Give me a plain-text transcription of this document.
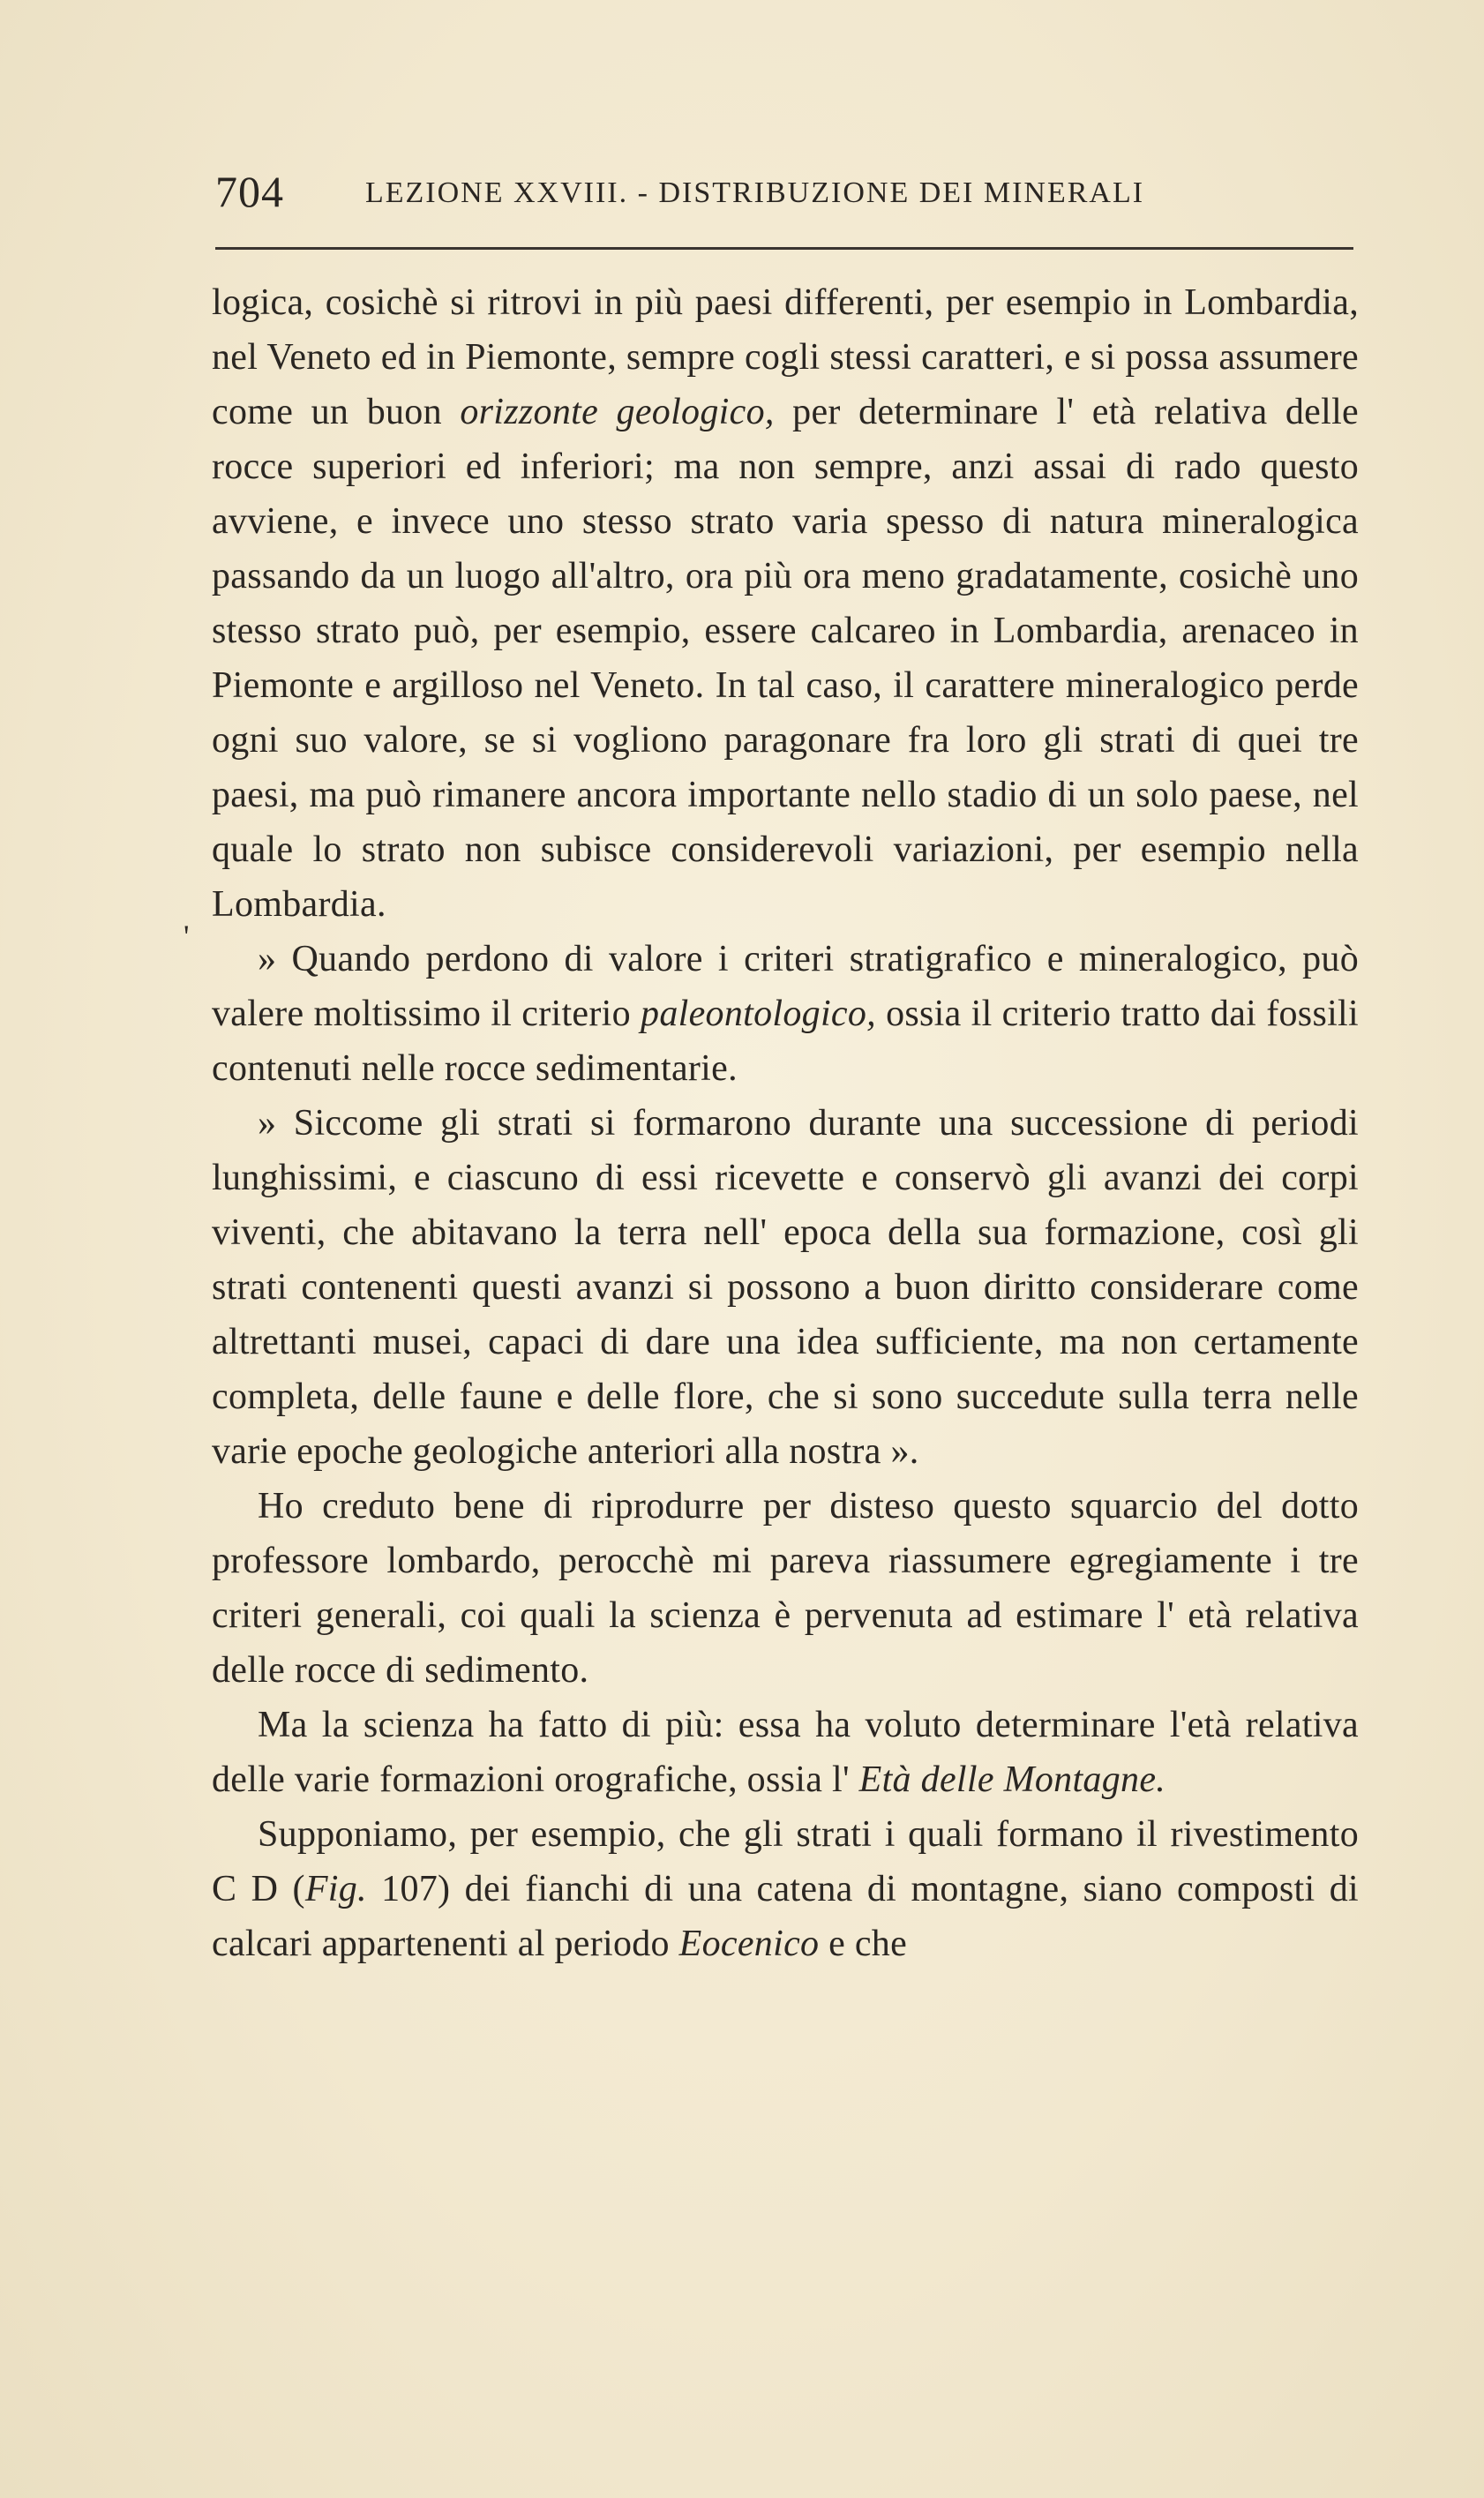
704	LEZIONE XXVIII. - DISTRIBUZIONE DEI MINERALI
'

logica, cosichè si ritrovi in più paesi differenti, per esempio in Lombardia, nel Veneto ed in Piemonte, sempre cogli stessi caratteri, e si possa assumere come un buon orizzonte geologico, per determinare l' età relativa delle rocce superiori ed inferiori; ma non sempre, anzi assai di rado questo avviene, e invece uno stesso strato varia spesso di natura mineralogica passando da un luogo all'altro, ora più ora meno gradatamente, cosichè uno stesso strato può, per esempio, essere calcareo in Lombardia, arenaceo in Piemonte e argilloso nel Veneto. In tal caso, il carattere mineralogico perde ogni suo valore, se si vogliono paragonare fra loro gli strati di quei tre paesi, ma può rimanere ancora importante nello stadio di un solo paese, nel quale lo strato non subisce considerevoli variazioni, per esempio nella Lombardia.

» Quando perdono di valore i criteri stratigrafico e mineralogico, può valere moltissimo il criterio paleontologico, ossia il criterio tratto dai fossili contenuti nelle rocce sedimentarie.

» Siccome gli strati si formarono durante una successione di periodi lunghissimi, e ciascuno di essi ricevette e conservò gli avanzi dei corpi viventi, che abitavano la terra nell' epoca della sua formazione, così gli strati contenenti questi avanzi si possono a buon diritto considerare come altrettanti musei, capaci di dare una idea sufficiente, ma non certamente completa, delle faune e delle flore, che si sono succedute sulla terra nelle varie epoche geologiche anteriori alla nostra ».

Ho creduto bene di riprodurre per disteso questo squarcio del dotto professore lombardo, perocchè mi pareva riassumere egregiamente i tre criteri generali, coi quali la scienza è pervenuta ad estimare l' età relativa delle rocce di sedimento.

Ma la scienza ha fatto di più: essa ha voluto determinare l'età relativa delle varie formazioni orografiche, ossia l' Età delle Montagne.

Supponiamo, per esempio, che gli strati i quali formano il rivestimento C D (Fig. 107) dei fianchi di una catena di montagne, siano composti di calcari appartenenti al periodo Eocenico e che
